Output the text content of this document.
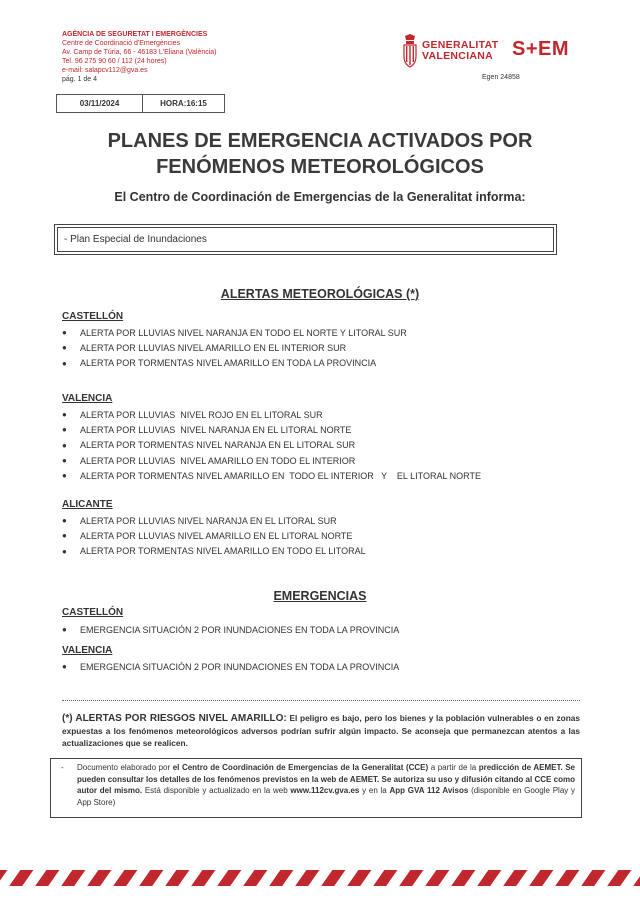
AGÈNCIA DE SEGURETAT I EMERGÈNCIES
Centre de Coordinació d'Emergències
Av. Camp de Túria, 66 - 46183 L'Eliana (València)
Tel. 96 275 90 60 / 112 (24 hores)
e-mail: salapcv112@gva.es
pág. 1 de 4
03/11/2024	HORA:16:15
GENERALITAT
VALENCIANA S+EM
Egen 24858
PLANES DE EMERGENCIA ACTIVADOS POR
FENÓMENOS METEOROLÓGICOS
El Centro de Coordinación de Emergencias de la Generalitat informa:
- Plan Especial de Inundaciones
ALERTAS METEOROLÓGICAS (*)
CASTELLÓN
●	ALERTA POR LLUVIAS NIVEL NARANJA EN TODO EL NORTE Y LITORAL SUR
●	ALERTA POR LLUVIAS NIVEL AMARILLO EN EL INTERIOR SUR
●	ALERTA POR TORMENTAS NIVEL AMARILLO EN TODA LA PROVINCIA
VALENCIA
●	ALERTA POR LLUVIAS  NIVEL ROJO EN EL LITORAL SUR
●	ALERTA POR LLUVIAS  NIVEL NARANJA EN EL LITORAL NORTE
●	ALERTA POR TORMENTAS NIVEL NARANJA EN EL LITORAL SUR
●	ALERTA POR LLUVIAS  NIVEL AMARILLO EN TODO EL INTERIOR
●	ALERTA POR TORMENTAS NIVEL AMARILLO EN  TODO EL INTERIOR   Y    EL LITORAL NORTE
ALICANTE
●	ALERTA POR LLUVIAS NIVEL NARANJA EN EL LITORAL SUR
●	ALERTA POR LLUVIAS NIVEL AMARILLO EN EL LITORAL NORTE
●	ALERTA POR TORMENTAS NIVEL AMARILLO EN TODO EL LITORAL
EMERGENCIAS
CASTELLÓN
●	EMERGENCIA SITUACIÓN 2 POR INUNDACIONES EN TODA LA PROVINCIA
VALENCIA
●	EMERGENCIA SITUACIÓN 2 POR INUNDACIONES EN TODA LA PROVINCIA
(*) ALERTAS POR RIESGOS NIVEL AMARILLO: El peligro es bajo, pero los bienes y la población vulnerables o en zonas expuestas a los fenómenos meteorológicos adversos podrían sufrir algún impacto. Se aconseja que permanezcan atentos a las actualizaciones que se realicen.
- Documento elaborado por el Centro de Coordinación de Emergencias de la Generalitat (CCE) a partir de la predicción de AEMET. Se pueden consultar los detalles de los fenómenos previstos en la web de AEMET. Se autoriza su uso y difusión citando al CCE como autor del mismo. Está disponible y actualizado en la web www.112cv.gva.es y en la App GVA 112 Avisos (disponible en Google Play y App Store)
